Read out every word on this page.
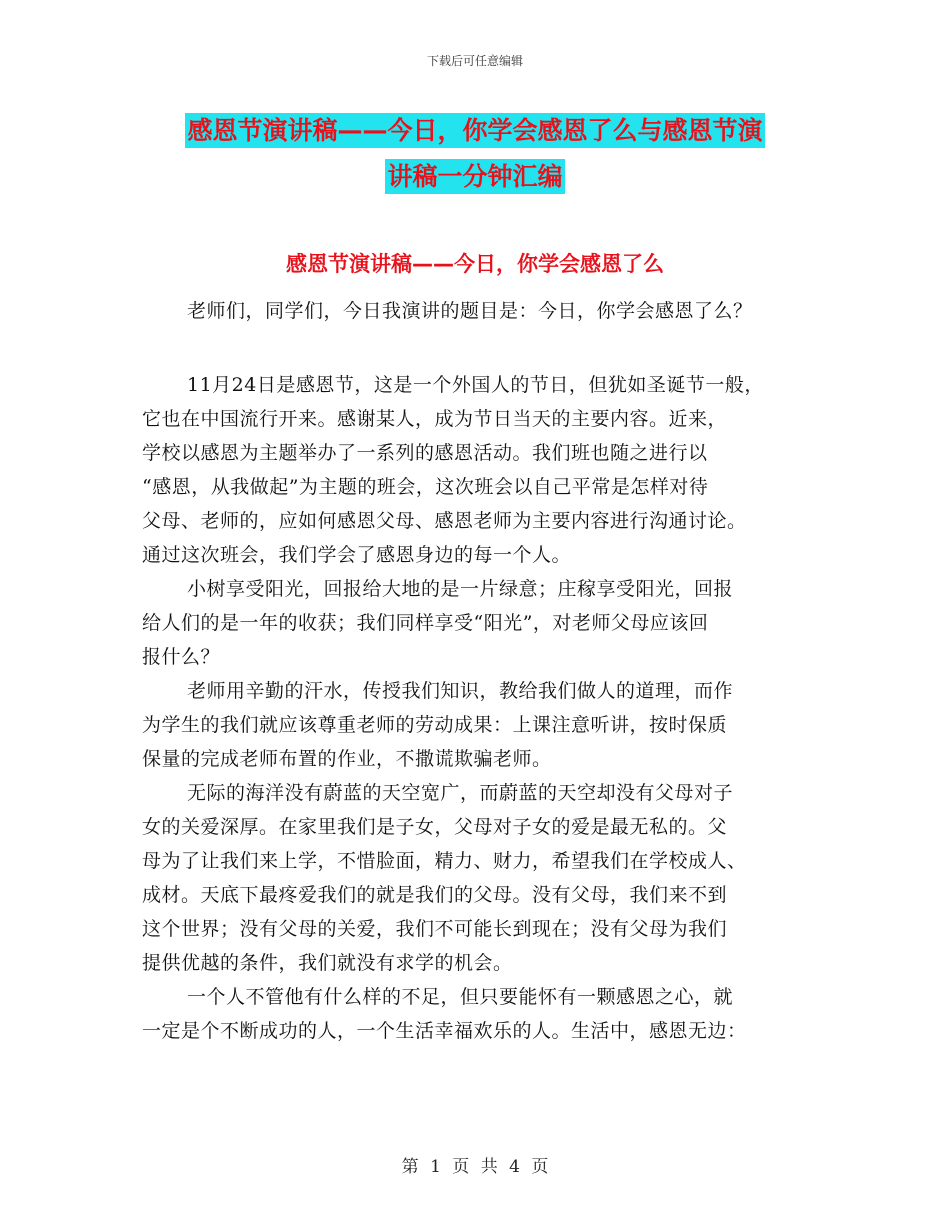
下载后可任意编辑
感恩节演讲稿——今日，你学会感恩了么与感恩节演
讲稿一分钟汇编
感恩节演讲稿——今日，你学会感恩了么
老师们，同学们，今日我演讲的题目是：今日，你学会感恩了么？
11月24日是感恩节，这是一个外国人的节日，但犹如圣诞节一般，
它也在中国流行开来。感谢某人，成为节日当天的主要内容。近来，
学校以感恩为主题举办了一系列的感恩活动。我们班也随之进行以
“感恩，从我做起”为主题的班会，这次班会以自己平常是怎样对待
父母、老师的，应如何感恩父母、感恩老师为主要内容进行沟通讨论。
通过这次班会，我们学会了感恩身边的每一个人。
小树享受阳光，回报给大地的是一片绿意；庄稼享受阳光，回报
给人们的是一年的收获；我们同样享受“阳光”，对老师父母应该回
报什么？
老师用辛勤的汗水，传授我们知识，教给我们做人的道理，而作
为学生的我们就应该尊重老师的劳动成果：上课注意听讲，按时保质
保量的完成老师布置的作业，不撒谎欺骗老师。
无际的海洋没有蔚蓝的天空宽广，而蔚蓝的天空却没有父母对子
女的关爱深厚。在家里我们是子女，父母对子女的爱是最无私的。父
母为了让我们来上学，不惜脸面，精力、财力，希望我们在学校成人、
成材。天底下最疼爱我们的就是我们的父母。没有父母，我们来不到
这个世界；没有父母的关爱，我们不可能长到现在；没有父母为我们
提供优越的条件，我们就没有求学的机会。
一个人不管他有什么样的不足，但只要能怀有一颗感恩之心，就
一定是个不断成功的人，一个生活幸福欢乐的人。生活中，感恩无边：
第 1 页 共 4 页
